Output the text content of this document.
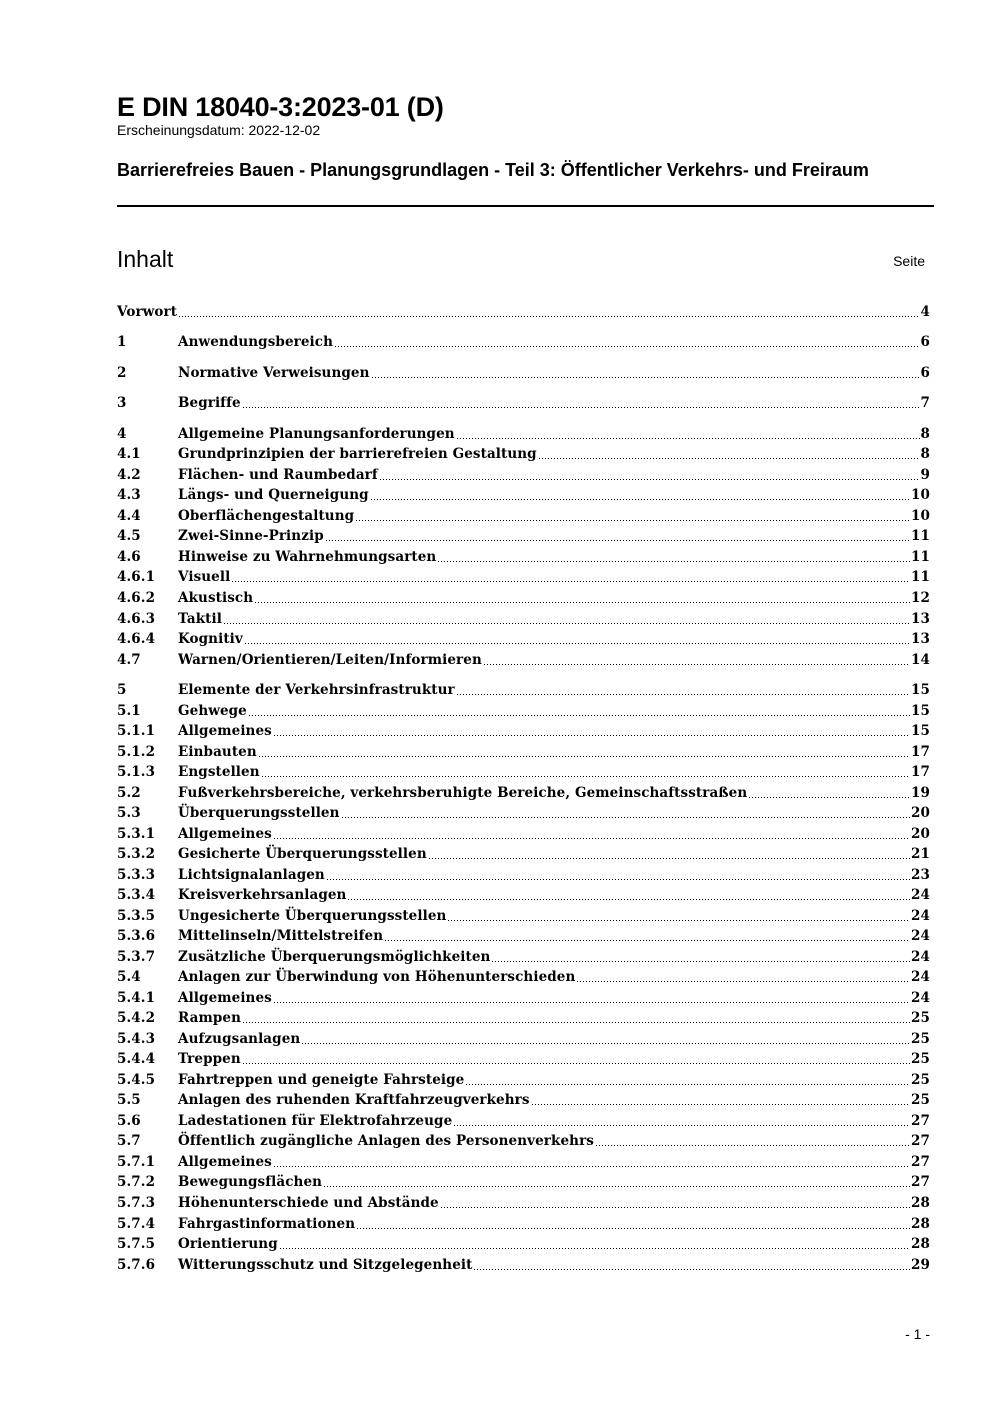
E DIN 18040-3:2023-01 (D)
Erscheinungsdatum: 2022-12-02
Barrierefreies Bauen - Planungsgrundlagen - Teil 3: Öffentlicher Verkehrs- und Freiraum
Inhalt	Seite
Vorwort	4
1	Anwendungsbereich	6
2	Normative Verweisungen	6
3	Begriffe	7
4	Allgemeine Planungsanforderungen	8
4.1	Grundprinzipien der barrierefreien Gestaltung	8
4.2	Flächen- und Raumbedarf	9
4.3	Längs- und Querneigung	10
4.4	Oberflächengestaltung	10
4.5	Zwei-Sinne-Prinzip	11
4.6	Hinweise zu Wahrnehmungsarten	11
4.6.1 Visuell	11
4.6.2 Akustisch	12
4.6.3 Taktil	13
4.6.4 Kognitiv	13
4.7	Warnen/Orientieren/Leiten/Informieren	14
5	Elemente der Verkehrsinfrastruktur	15
5.1	Gehwege	15
5.1.1 Allgemeines	15
5.1.2 Einbauten	17
5.1.3 Engstellen	17
5.2	Fußverkehrsbereiche, verkehrsberuhigte Bereiche, Gemeinschaftsstraßen	19
5.3	Überquerungsstellen	20
5.3.1 Allgemeines	20
5.3.2 Gesicherte Überquerungsstellen	21
5.3.3 Lichtsignalanlagen	23
5.3.4 Kreisverkehrsanlagen	24
5.3.5 Ungesicherte Überquerungsstellen	24
5.3.6 Mittelinseln/Mittelstreifen	24
5.3.7 Zusätzliche Überquerungsmöglichkeiten	24
5.4	Anlagen zur Überwindung von Höhenunterschieden	24
5.4.1 Allgemeines	24
5.4.2 Rampen	25
5.4.3 Aufzugsanlagen	25
5.4.4 Treppen	25
5.4.5 Fahrtreppen und geneigte Fahrsteige	25
5.5	Anlagen des ruhenden Kraftfahrzeugverkehrs	25
5.6	Ladestationen für Elektrofahrzeuge	27
5.7	Öffentlich zugängliche Anlagen des Personenverkehrs	27
5.7.1 Allgemeines	27
5.7.2 Bewegungsflächen	27
5.7.3 Höhenunterschiede und Abstände	28
5.7.4 Fahrgastinformationen	28
5.7.5 Orientierung	28
5.7.6 Witterungsschutz und Sitzgelegenheit	29
- 1 -
